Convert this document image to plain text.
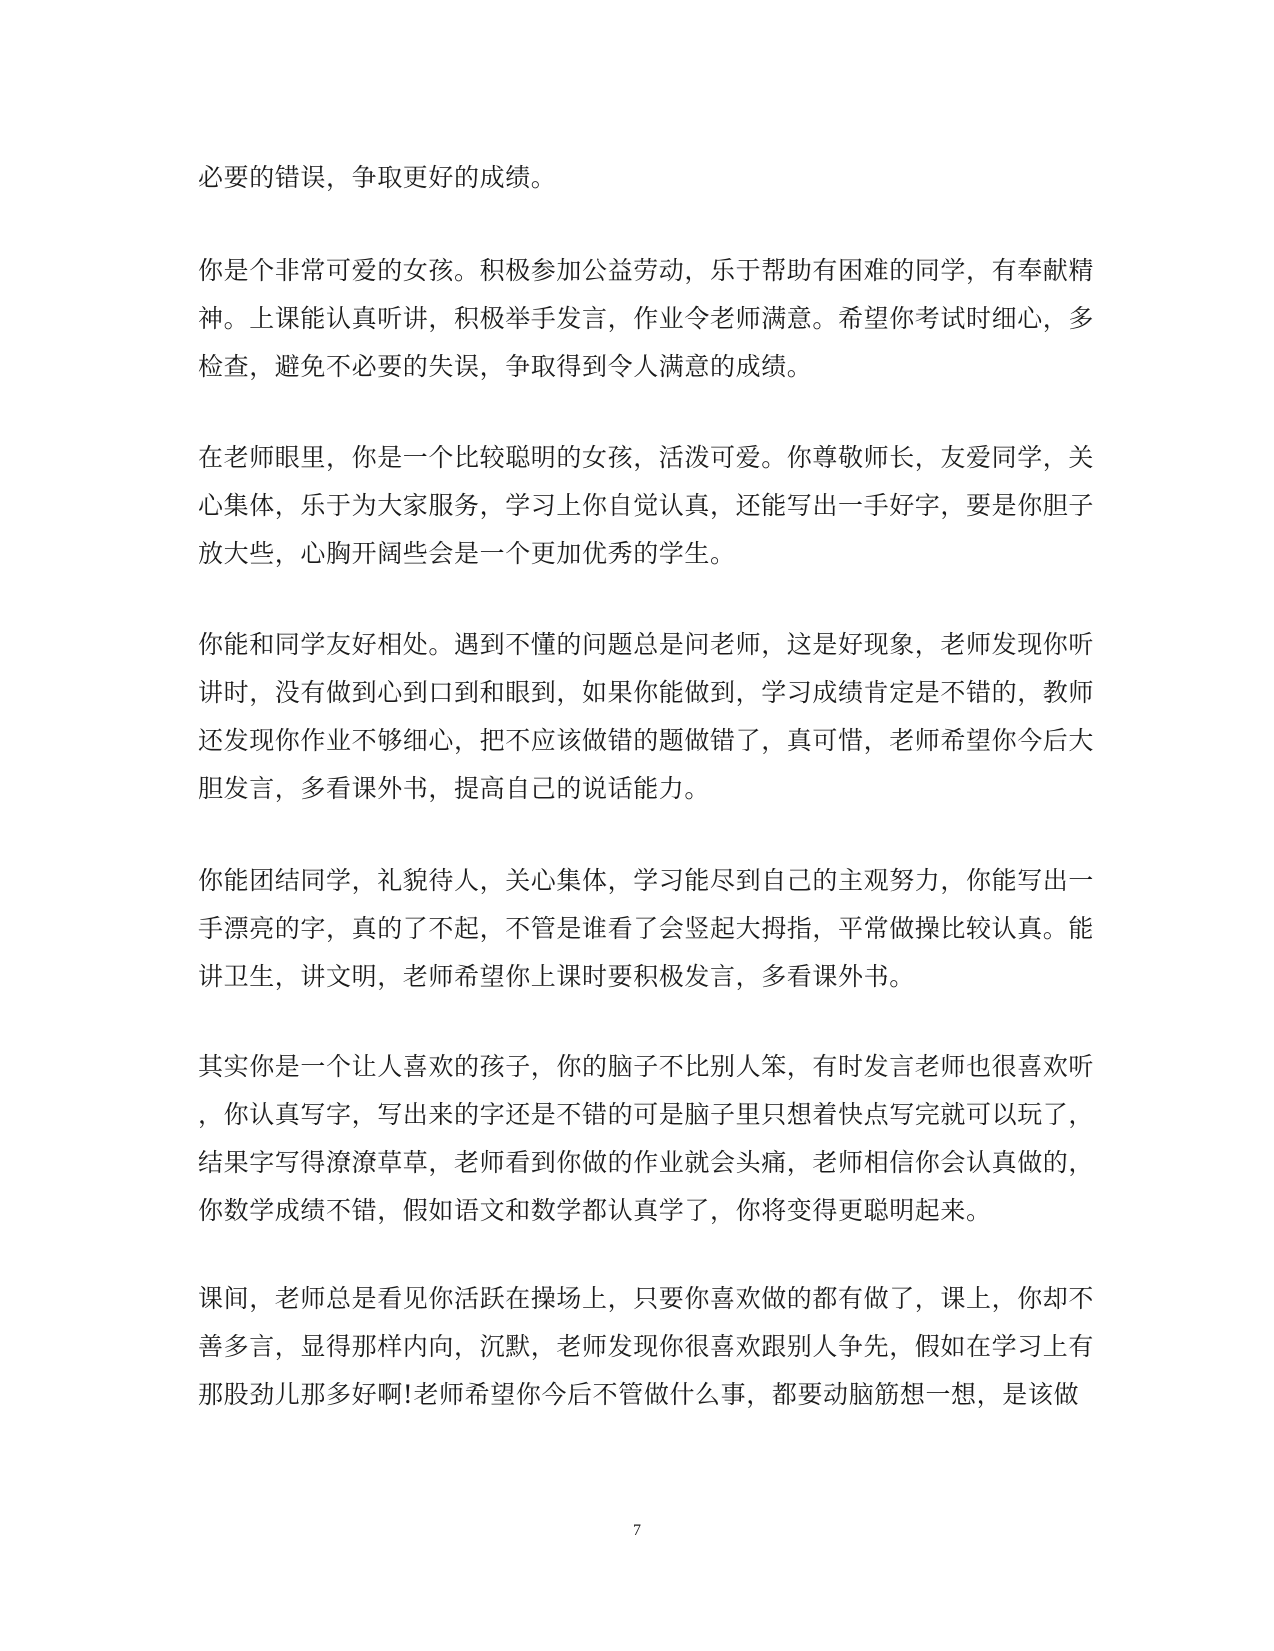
必要的错误，争取更好的成绩。
你是个非常可爱的女孩。积极参加公益劳动，乐于帮助有困难的同学，有奉献精
神。上课能认真听讲，积极举手发言，作业令老师满意。希望你考试时细心，多
检查，避免不必要的失误，争取得到令人满意的成绩。
在老师眼里，你是一个比较聪明的女孩，活泼可爱。你尊敬师长，友爱同学，关
心集体，乐于为大家服务，学习上你自觉认真，还能写出一手好字，要是你胆子
放大些，心胸开阔些会是一个更加优秀的学生。
你能和同学友好相处。遇到不懂的问题总是问老师，这是好现象，老师发现你听
讲时，没有做到心到口到和眼到，如果你能做到，学习成绩肯定是不错的，教师
还发现你作业不够细心，把不应该做错的题做错了，真可惜，老师希望你今后大
胆发言，多看课外书，提高自己的说话能力。
你能团结同学，礼貌待人，关心集体，学习能尽到自己的主观努力，你能写出一
手漂亮的字，真的了不起，不管是谁看了会竖起大拇指，平常做操比较认真。能
讲卫生，讲文明，老师希望你上课时要积极发言，多看课外书。
其实你是一个让人喜欢的孩子，你的脑子不比别人笨，有时发言老师也很喜欢听
，你认真写字，写出来的字还是不错的可是脑子里只想着快点写完就可以玩了，
结果字写得潦潦草草，老师看到你做的作业就会头痛，老师相信你会认真做的，
你数学成绩不错，假如语文和数学都认真学了，你将变得更聪明起来。
课间，老师总是看见你活跃在操场上，只要你喜欢做的都有做了，课上，你却不
善多言，显得那样内向，沉默，老师发现你很喜欢跟别人争先，假如在学习上有
那股劲儿那多好啊!老师希望你今后不管做什么事，都要动脑筋想一想，是该做
7
